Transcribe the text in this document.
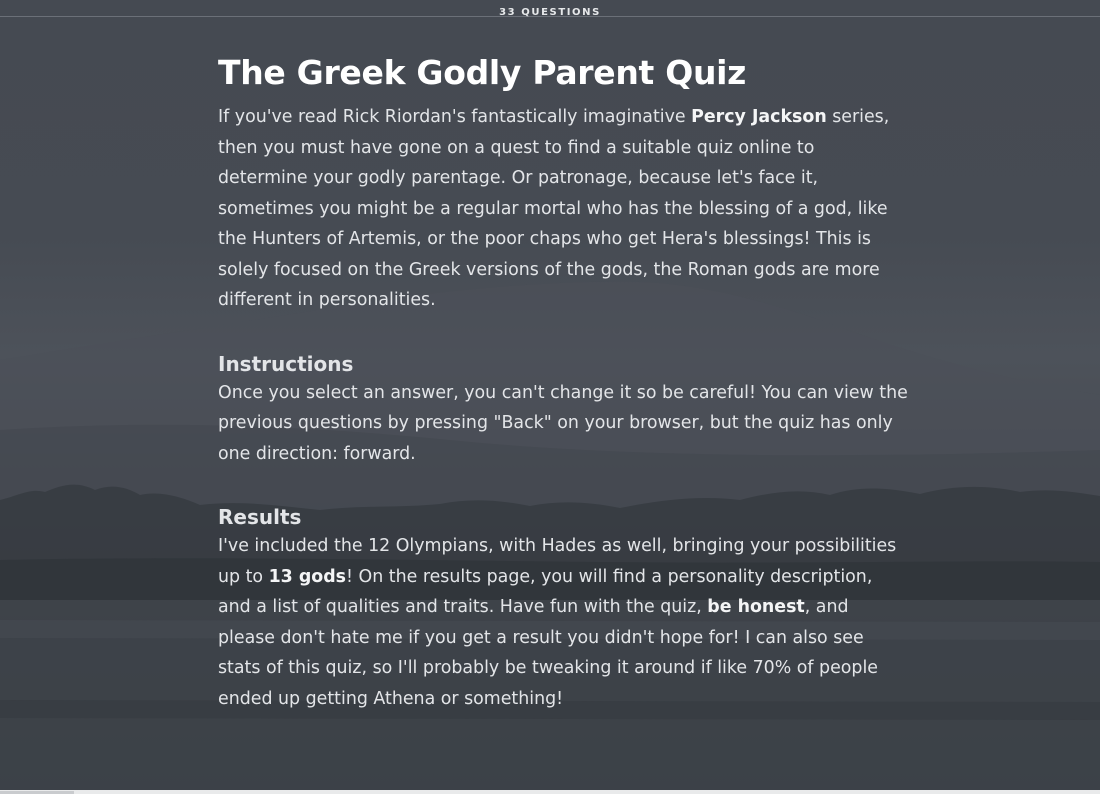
33 QUESTIONS
The Greek Godly Parent Quiz

If you've read Rick Riordan's fantastically imaginative Percy Jackson series, then you must have gone on a quest to find a suitable quiz online to determine your godly parentage. Or patronage, because let's face it, sometimes you might be a regular mortal who has the blessing of a god, like the Hunters of Artemis, or the poor chaps who get Hera's blessings! This is solely focused on the Greek versions of the gods, the Roman gods are more different in personalities.

Instructions

Once you select an answer, you can't change it so be careful! You can view the previous questions by pressing "Back" on your browser, but the quiz has only one direction: forward.

Results

I've included the 12 Olympians, with Hades as well, bringing your possibilities up to 13 gods! On the results page, you will find a personality description, and a list of qualities and traits. Have fun with the quiz, be honest, and please don't hate me if you get a result you didn't hope for! I can also see stats of this quiz, so I'll probably be tweaking it around if like 70% of people ended up getting Athena or something!
